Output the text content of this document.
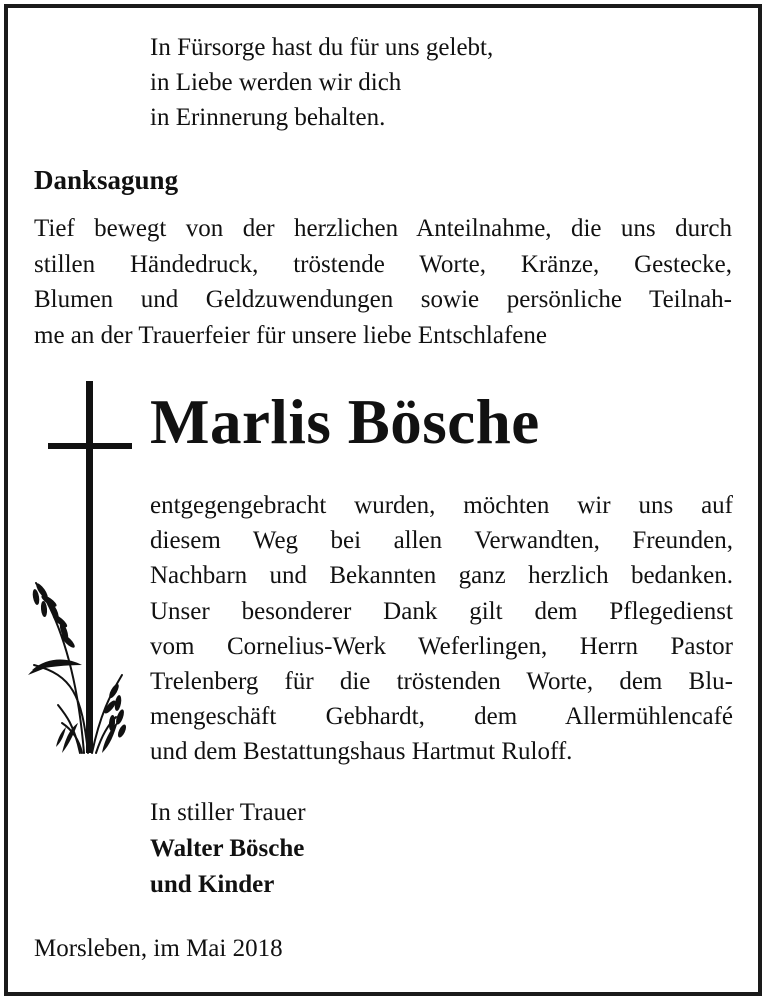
In Fürsorge hast du für uns gelebt,
in Liebe werden wir dich
in Erinnerung behalten.
Danksagung
Tief bewegt von der herzlichen Anteilnahme, die uns durch
stillen Händedruck, tröstende Worte, Kränze, Gestecke,
Blumen und Geldzuwendungen sowie persönliche Teilnah-
me an der Trauerfeier für unsere liebe Entschlafene
Marlis Bösche
entgegengebracht wurden, möchten wir uns auf
diesem Weg bei allen Verwandten, Freunden,
Nachbarn und Bekannten ganz herzlich bedanken.
Unser besonderer Dank gilt dem Pflegedienst
vom Cornelius-Werk Weferlingen, Herrn Pastor
Trelenberg für die tröstenden Worte, dem Blu-
mengeschäft Gebhardt, dem Allermühlencafé
und dem Bestattungshaus Hartmut Ruloff.
In stiller Trauer
Walter Bösche
und Kinder
Morsleben, im Mai 2018
